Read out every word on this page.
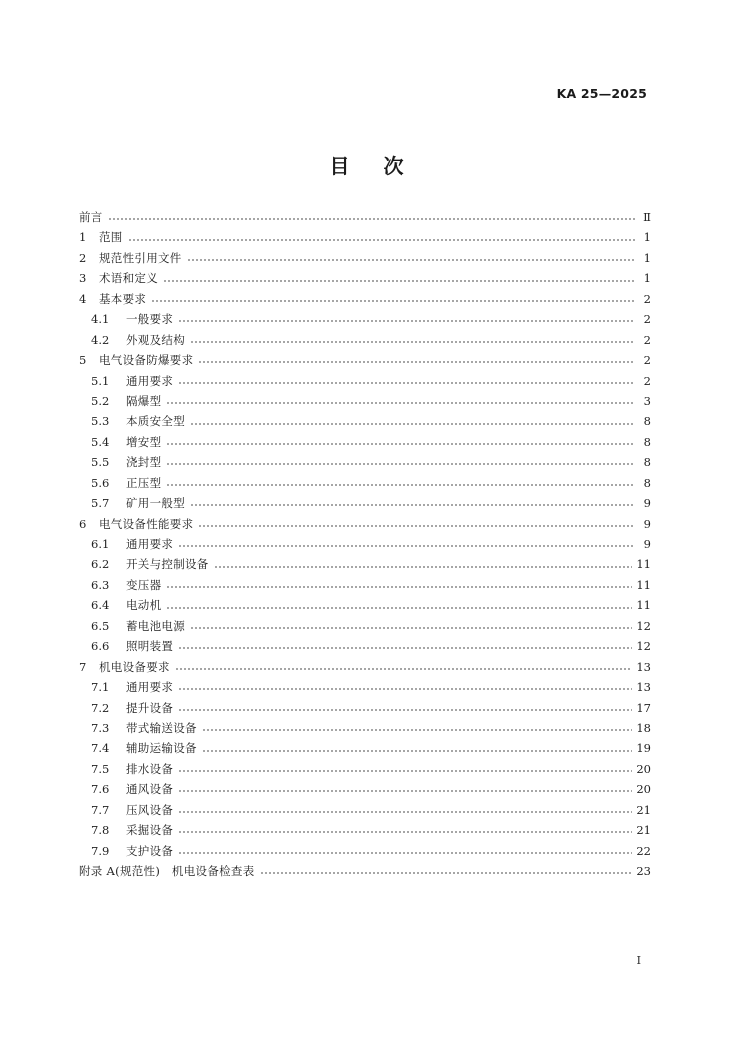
KA 25—2025
目次
前言	Ⅱ
1	范围	1
2	规范性引用文件	1
3	术语和定义	1
4	基本要求	2
4.1	一般要求	2
4.2	外观及结构	2
5	电气设备防爆要求	2
5.1	通用要求	2
5.2	隔爆型	3
5.3	本质安全型	8
5.4	增安型	8
5.5	浇封型	8
5.6	正压型	8
5.7	矿用一般型	9
6	电气设备性能要求	9
6.1	通用要求	9
6.2	开关与控制设备	11
6.3	变压器	11
6.4	电动机	11
6.5	蓄电池电源	12
6.6	照明装置	12
7	机电设备要求	13
7.1	通用要求	13
7.2	提升设备	17
7.3	带式输送设备	18
7.4	辅助运输设备	19
7.5	排水设备	20
7.6	通风设备	20
7.7	压风设备	21
7.8	采掘设备	21
7.9	支护设备	22
附录 A(规范性)　机电设备检查表	23
I
